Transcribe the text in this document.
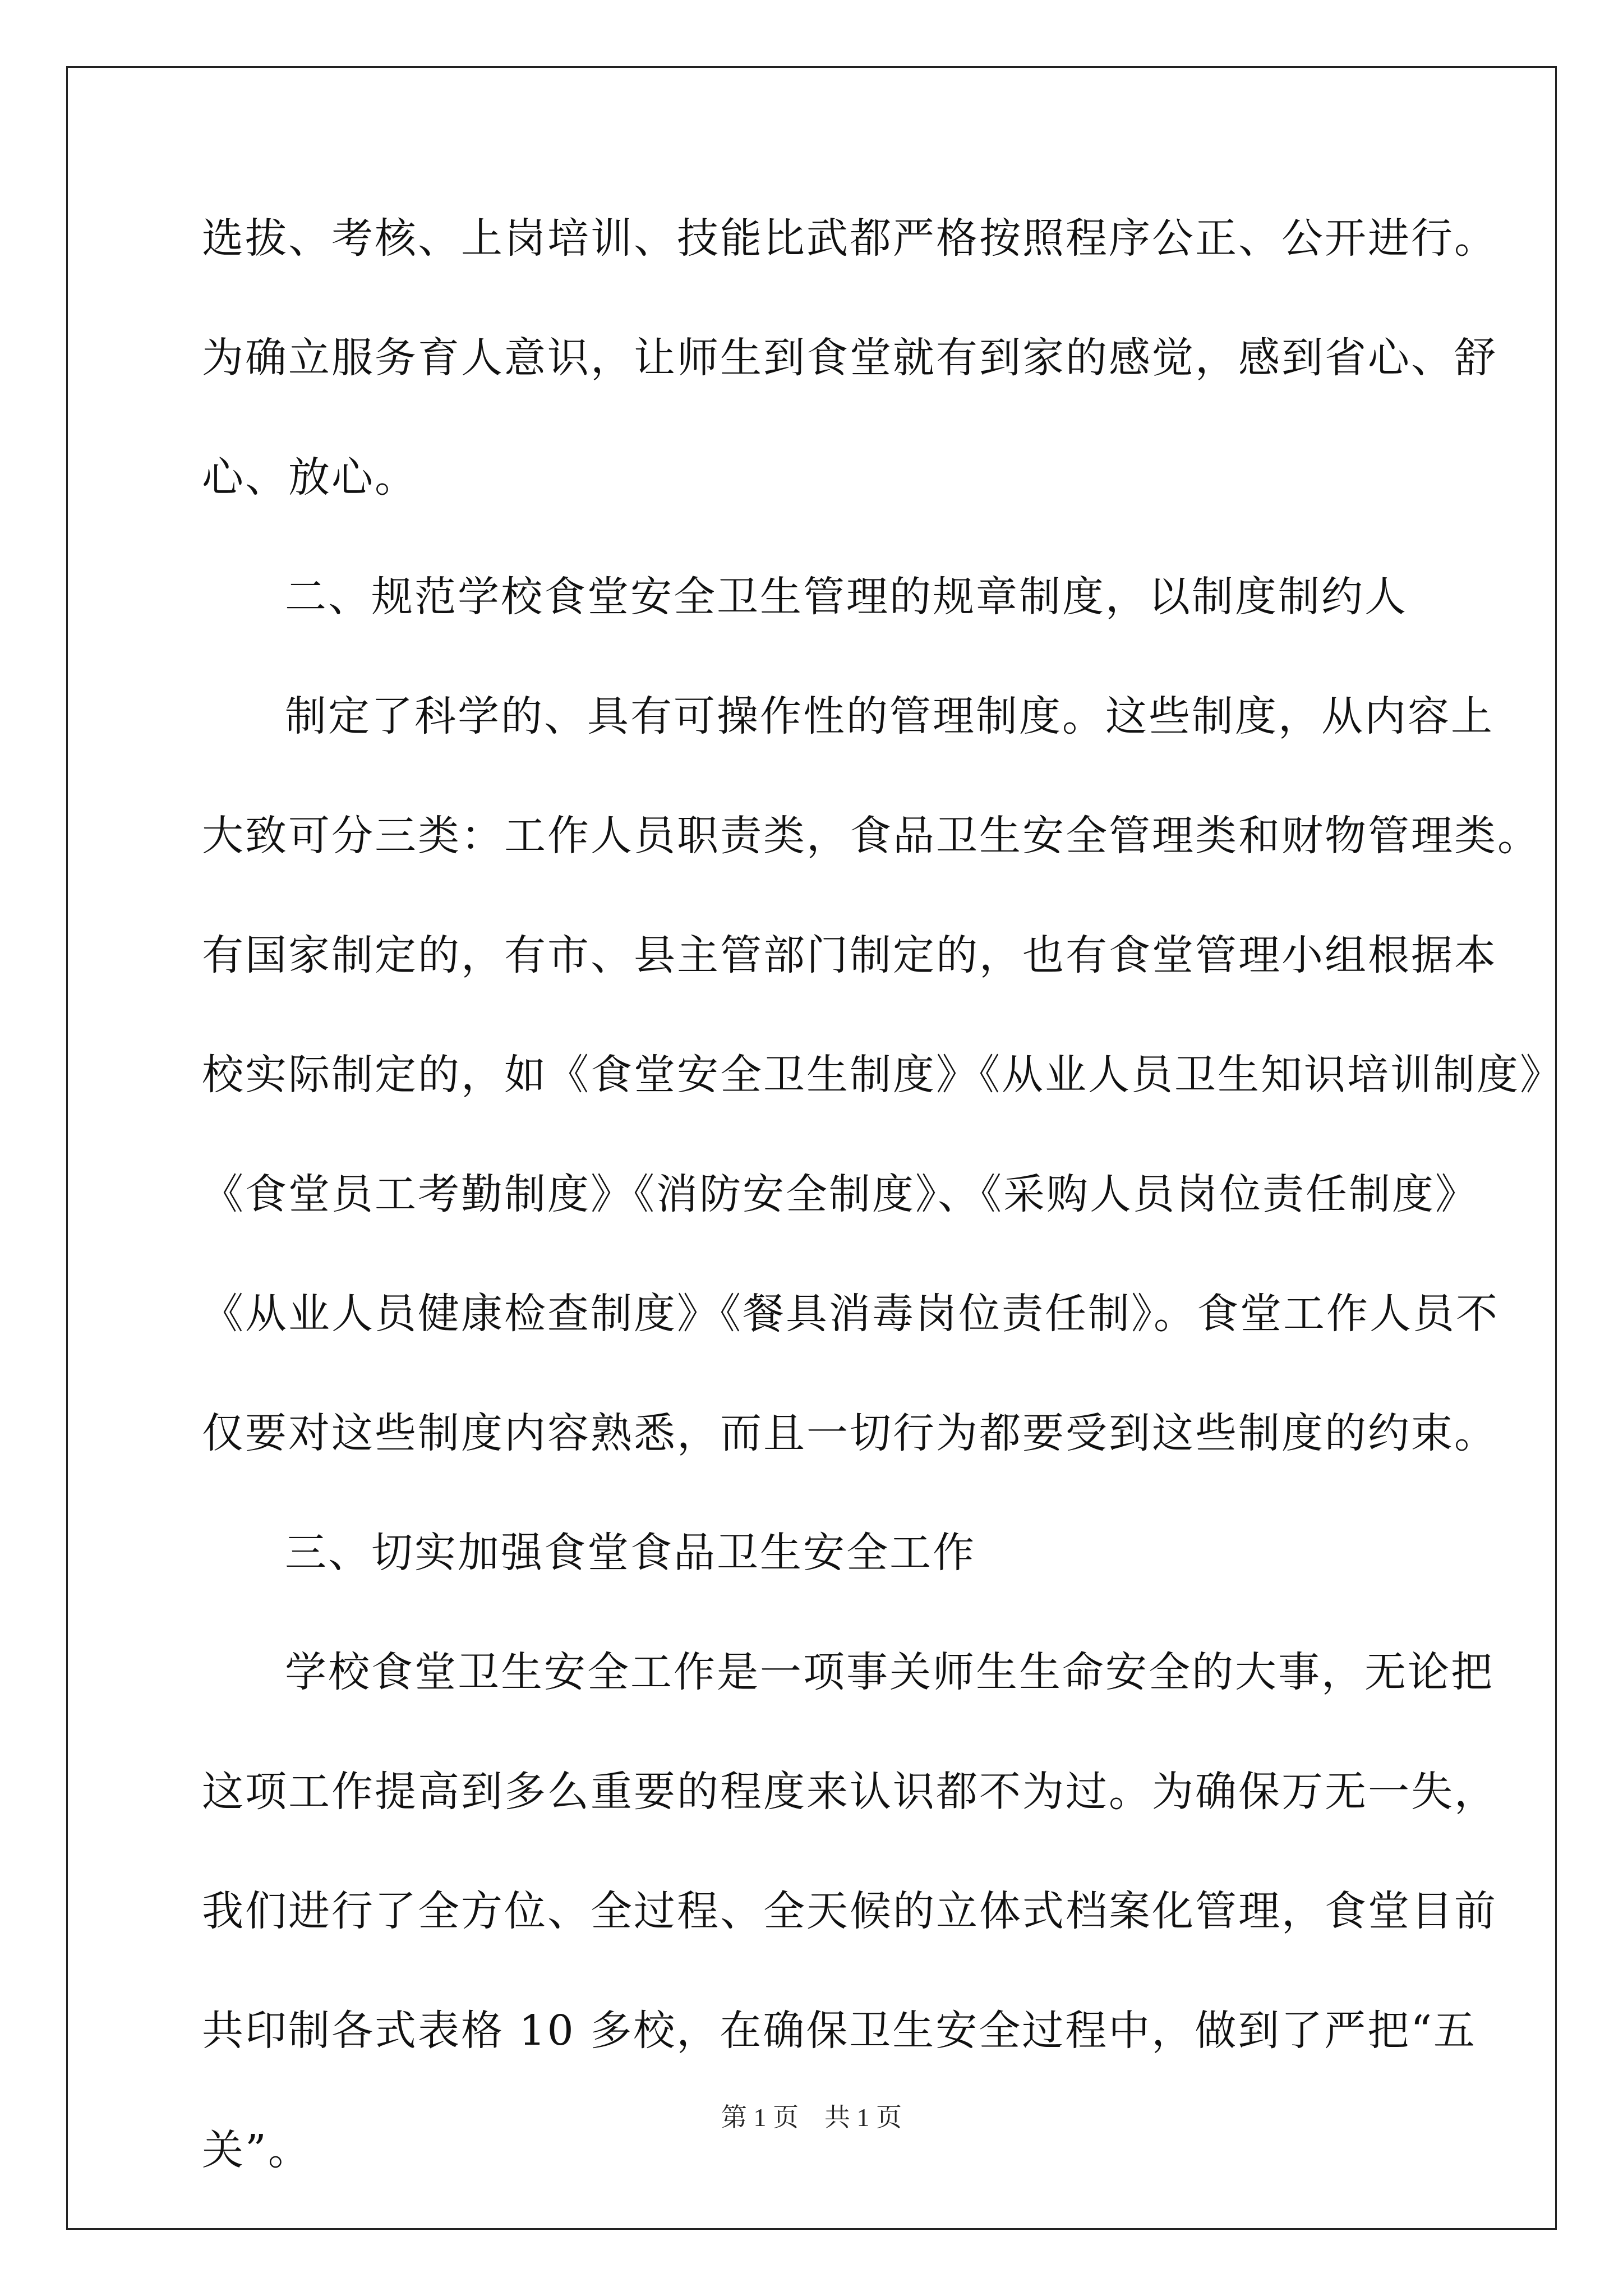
选拔、考核、上岗培训、技能比武都严格按照程序公正、公开进行。
为确立服务育人意识，让师生到食堂就有到家的感觉，感到省心、舒
心、放心。
二、规范学校食堂安全卫生管理的规章制度，以制度制约人
制定了科学的、具有可操作性的管理制度。这些制度，从内容上
大致可分三类：工作人员职责类，食品卫生安全管理类和财物管理类。
有国家制定的，有市、县主管部门制定的，也有食堂管理小组根据本
校实际制定的，如《食堂安全卫生制度》《从业人员卫生知识培训制度》
《食堂员工考勤制度》《消防安全制度》、《采购人员岗位责任制度》
《从业人员健康检查制度》《餐具消毒岗位责任制》。食堂工作人员不
仅要对这些制度内容熟悉，而且一切行为都要受到这些制度的约束。
三、切实加强食堂食品卫生安全工作
学校食堂卫生安全工作是一项事关师生生命安全的大事，无论把
这项工作提高到多么重要的程度来认识都不为过。为确保万无一失，
我们进行了全方位、全过程、全天候的立体式档案化管理，食堂目前
共印制各式表格 10 多校，在确保卫生安全过程中，做到了严把“五
关”。
第 1 页 共 1 页
